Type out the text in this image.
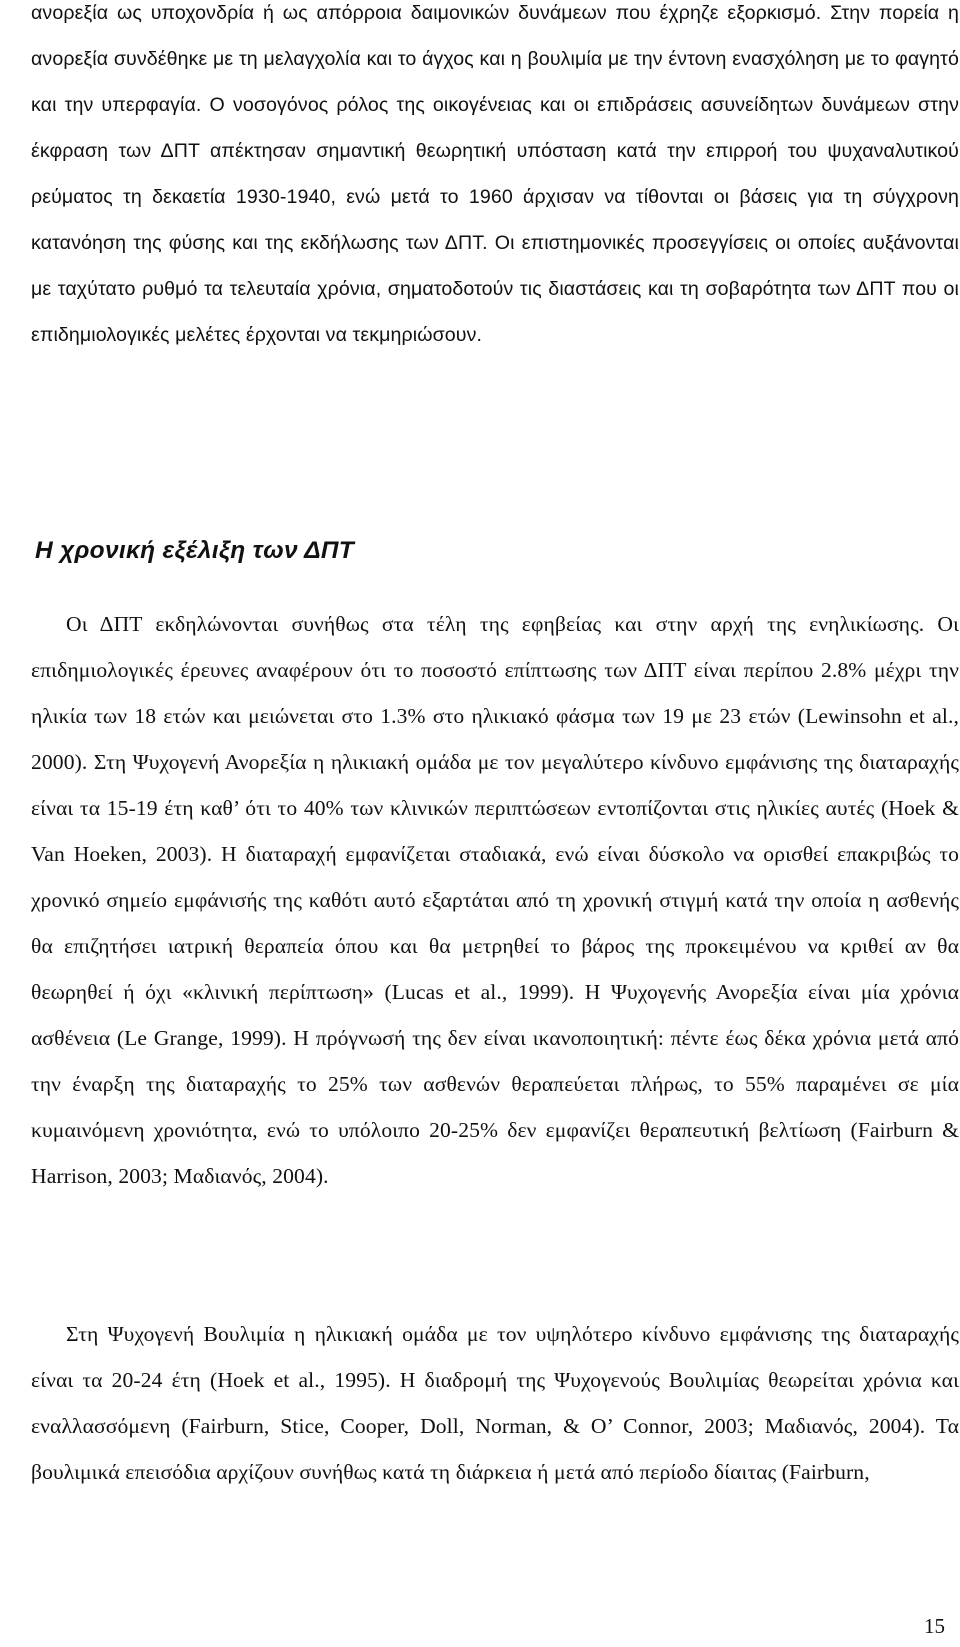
ανορεξία ως υποχονδρία ή ως απόρροια δαιμονικών δυνάμεων που έχρηζε εξορκισμό. Στην πορεία η ανορεξία συνδέθηκε με τη μελαγχολία και το άγχος και η βουλιμία με την έντονη ενασχόληση με το φαγητό και την υπερφαγία. Ο νοσογόνος ρόλος της οικογένειας και οι επιδράσεις ασυνείδητων δυνάμεων στην έκφραση των ΔΠΤ απέκτησαν σημαντική θεωρητική υπόσταση κατά την επιρροή του ψυχαναλυτικού ρεύματος τη δεκαετία 1930-1940, ενώ μετά το 1960 άρχισαν να τίθονται οι βάσεις για τη σύγχρονη κατανόηση της φύσης και της εκδήλωσης των ΔΠΤ. Οι επιστημονικές προσεγγίσεις οι οποίες αυξάνονται με ταχύτατο ρυθμό τα τελευταία χρόνια, σηματοδοτούν τις διαστάσεις και τη σοβαρότητα των ΔΠΤ που οι επιδημιολογικές μελέτες έρχονται να τεκμηριώσουν.

Η χρονική εξέλιξη των ΔΠΤ

Οι ΔΠΤ εκδηλώνονται συνήθως στα τέλη της εφηβείας και στην αρχή της ενηλικίωσης. Οι επιδημιολογικές έρευνες αναφέρουν ότι το ποσοστό επίπτωσης των ΔΠΤ είναι περίπου 2.8% μέχρι την ηλικία των 18 ετών και μειώνεται στο 1.3% στο ηλικιακό φάσμα των 19 με 23 ετών (Lewinsohn et al., 2000). Στη Ψυχογενή Ανορεξία η ηλικιακή ομάδα με τον μεγαλύτερο κίνδυνο εμφάνισης της διαταραχής είναι τα 15-19 έτη καθ’ ότι το 40% των κλινικών περιπτώσεων εντοπίζονται στις ηλικίες αυτές (Hoek & Van Hoeken, 2003). Η διαταραχή εμφανίζεται σταδιακά, ενώ είναι δύσκολο να ορισθεί επακριβώς το χρονικό σημείο εμφάνισής της καθότι αυτό εξαρτάται από τη χρονική στιγμή κατά την οποία η ασθενής θα επιζητήσει ιατρική θεραπεία όπου και θα μετρηθεί το βάρος της προκειμένου να κριθεί αν θα θεωρηθεί ή όχι «κλινική περίπτωση» (Lucas et al., 1999). Η Ψυχογενής Ανορεξία είναι μία χρόνια ασθένεια (Le Grange, 1999). Η πρόγνωσή της δεν είναι ικανοποιητική: πέντε έως δέκα χρόνια μετά από την έναρξη της διαταραχής το 25% των ασθενών θεραπεύεται πλήρως, το 55% παραμένει σε μία κυμαινόμενη χρονιότητα, ενώ το υπόλοιπο 20-25% δεν εμφανίζει θεραπευτική βελτίωση (Fairburn & Harrison, 2003; Μαδιανός, 2004).

Στη Ψυχογενή Βουλιμία η ηλικιακή ομάδα με τον υψηλότερο κίνδυνο εμφάνισης της διαταραχής είναι τα 20-24 έτη (Hoek et al., 1995). Η διαδρομή της Ψυχογενούς Βουλιμίας θεωρείται χρόνια και εναλλασσόμενη (Fairburn, Stice, Cooper, Doll, Norman, & O’ Connor, 2003; Μαδιανός, 2004). Τα βουλιμικά επεισόδια αρχίζουν συνήθως κατά τη διάρκεια ή μετά από περίοδο δίαιτας (Fairburn,

15
